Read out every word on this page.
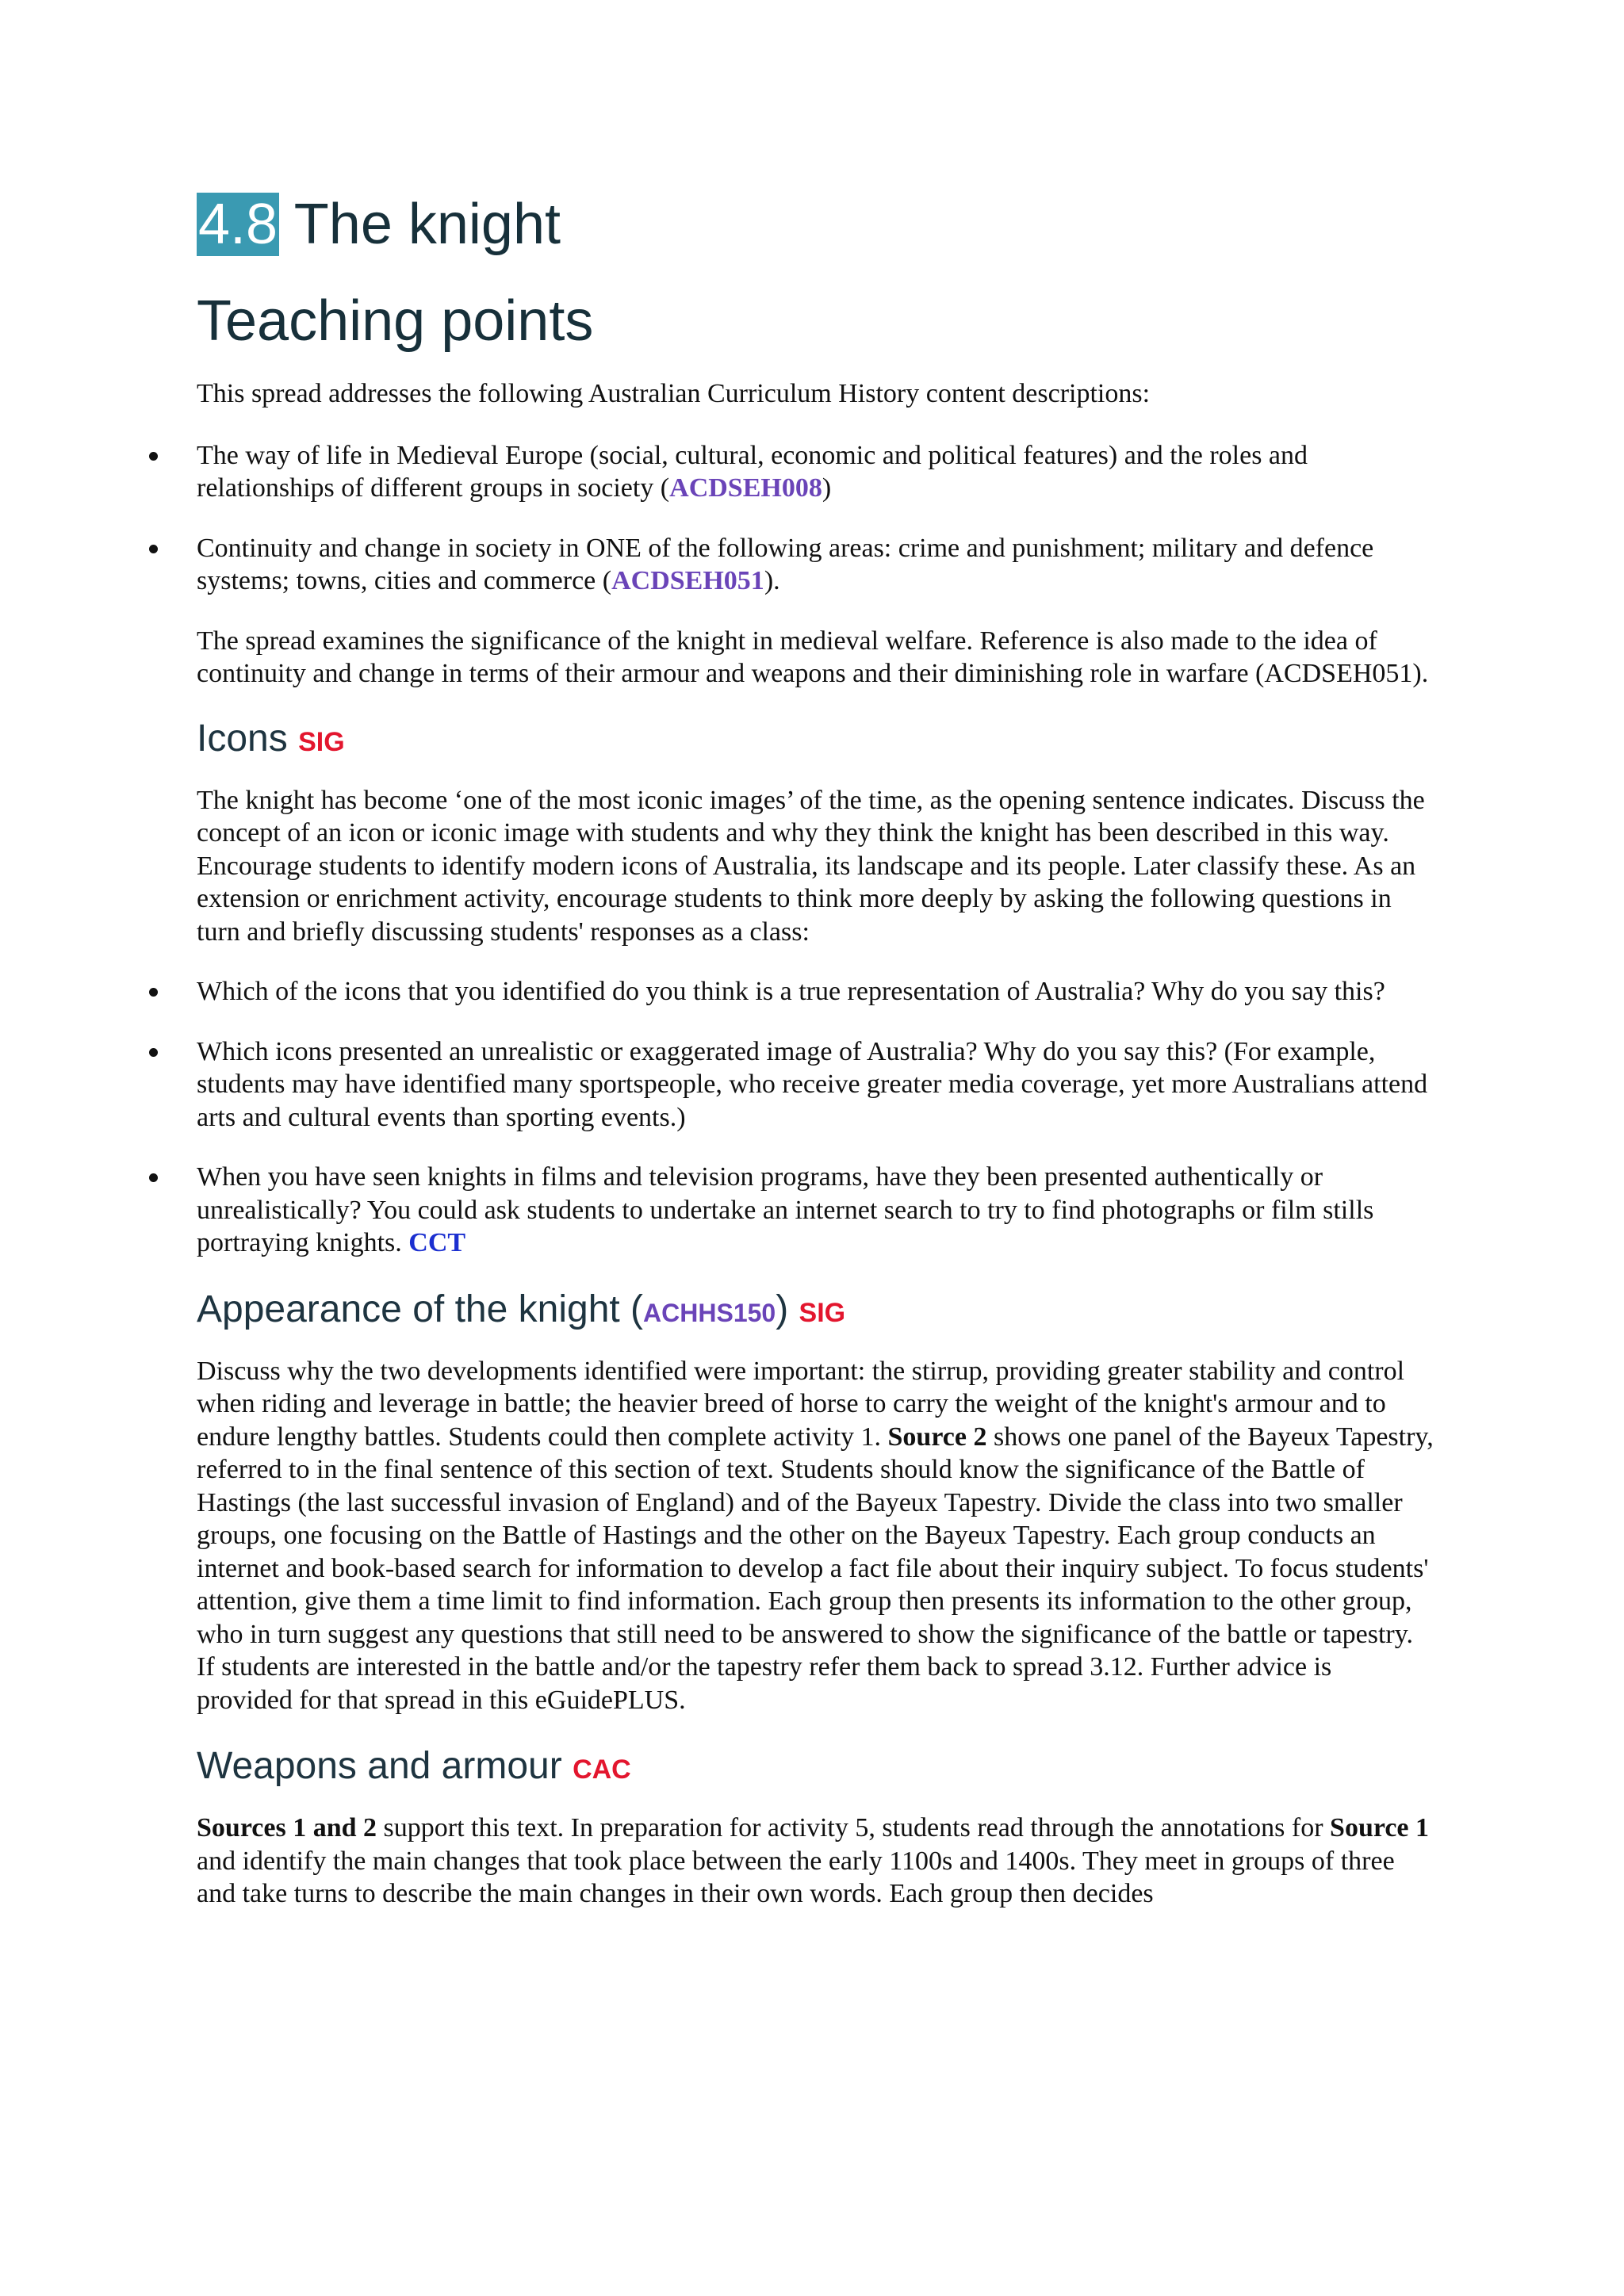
4.8 The knight
Teaching points

This spread addresses the following Australian Curriculum History content descriptions:

The way of life in Medieval Europe (social, cultural, economic and political features) and the roles and relationships of different groups in society (ACDSEH008)

Continuity and change in society in ONE of the following areas: crime and punishment; military and defence systems; towns, cities and commerce (ACDSEH051).

The spread examines the significance of the knight in medieval welfare. Reference is also made to the idea of continuity and change in terms of their armour and weapons and their diminishing role in warfare (ACDSEH051).

Icons SIG

The knight has become ‘one of the most iconic images’ of the time, as the opening sentence indicates. Discuss the concept of an icon or iconic image with students and why they think the knight has been described in this way. Encourage students to identify modern icons of Australia, its landscape and its people. Later classify these. As an extension or enrichment activity, encourage students to think more deeply by asking the following questions in turn and briefly discussing students' responses as a class:

Which of the icons that you identified do you think is a true representation of Australia? Why do you say this?

Which icons presented an unrealistic or exaggerated image of Australia? Why do you say this? (For example, students may have identified many sportspeople, who receive greater media coverage, yet more Australians attend arts and cultural events than sporting events.)

When you have seen knights in films and television programs, have they been presented authentically or unrealistically? You could ask students to undertake an internet search to try to find photographs or film stills portraying knights. CCT

Appearance of the knight (ACHHS150) SIG

Discuss why the two developments identified were important: the stirrup, providing greater stability and control when riding and leverage in battle; the heavier breed of horse to carry the weight of the knight's armour and to endure lengthy battles. Students could then complete activity 1. Source 2 shows one panel of the Bayeux Tapestry, referred to in the final sentence of this section of text. Students should know the significance of the Battle of Hastings (the last successful invasion of England) and of the Bayeux Tapestry. Divide the class into two smaller groups, one focusing on the Battle of Hastings and the other on the Bayeux Tapestry. Each group conducts an internet and book-based search for information to develop a fact file about their inquiry subject. To focus students' attention, give them a time limit to find information. Each group then presents its information to the other group, who in turn suggest any questions that still need to be answered to show the significance of the battle or tapestry. If students are interested in the battle and/or the tapestry refer them back to spread 3.12. Further advice is provided for that spread in this eGuidePLUS.

Weapons and armour CAC

Sources 1 and 2 support this text. In preparation for activity 5, students read through the annotations for Source 1 and identify the main changes that took place between the early 1100s and 1400s. They meet in groups of three and take turns to describe the main changes in their own words. Each group then decides
